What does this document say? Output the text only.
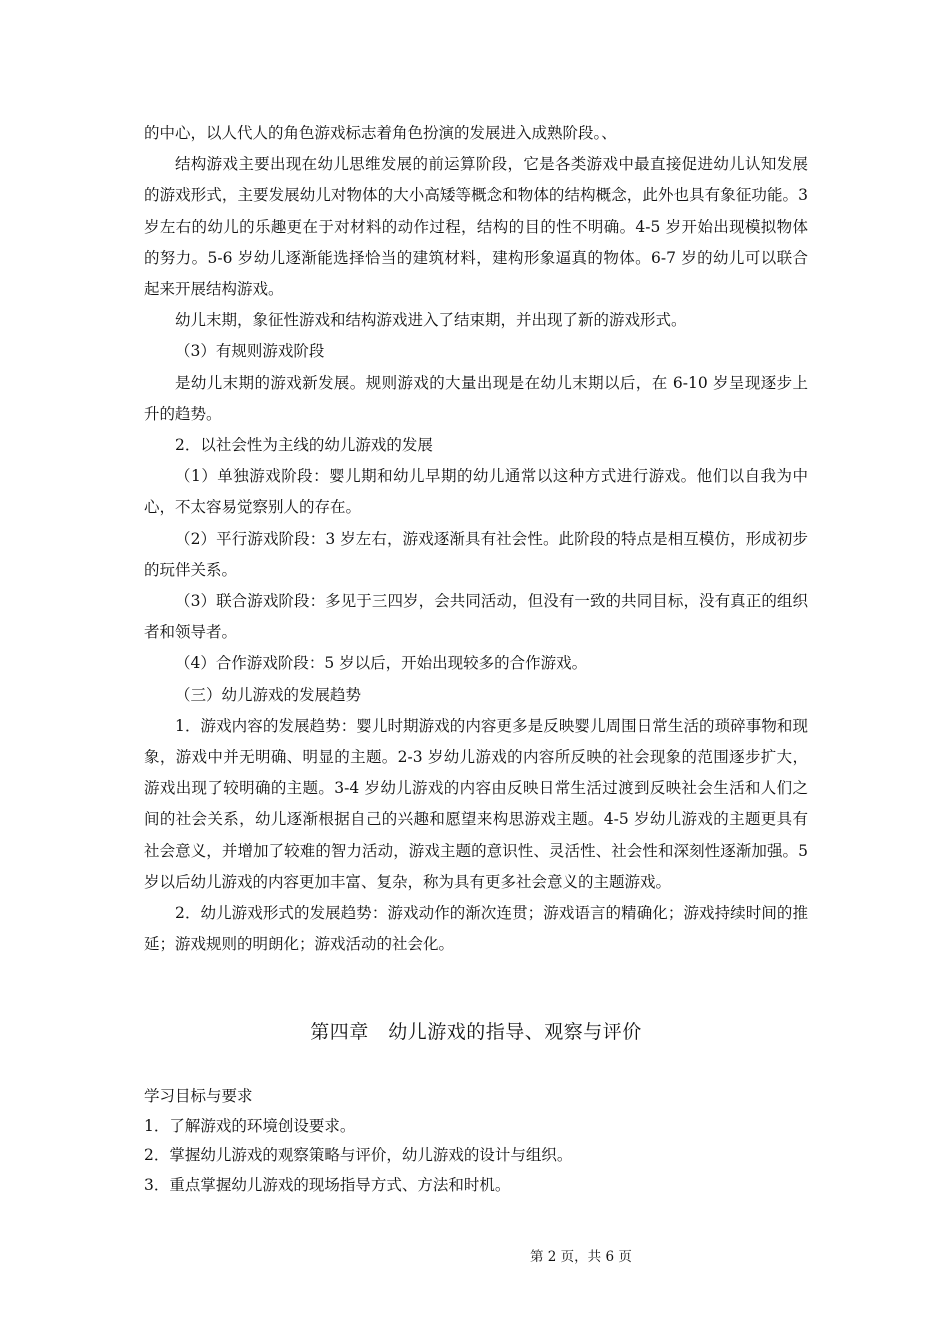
的中心，以人代人的角色游戏标志着角色扮演的发展进入成熟阶段。、

结构游戏主要出现在幼儿思维发展的前运算阶段，它是各类游戏中最直接促进幼儿认知发展的游戏形式，主要发展幼儿对物体的大小高矮等概念和物体的结构概念，此外也具有象征功能。3 岁左右的幼儿的乐趣更在于对材料的动作过程，结构的目的性不明确。4-5 岁开始出现模拟物体的努力。5-6 岁幼儿逐渐能选择恰当的建筑材料，建构形象逼真的物体。6-7 岁的幼儿可以联合起来开展结构游戏。

幼儿末期，象征性游戏和结构游戏进入了结束期，并出现了新的游戏形式。

（3）有规则游戏阶段

是幼儿末期的游戏新发展。规则游戏的大量出现是在幼儿末期以后，在 6-10 岁呈现逐步上升的趋势。

2．以社会性为主线的幼儿游戏的发展

（1）单独游戏阶段：婴儿期和幼儿早期的幼儿通常以这种方式进行游戏。他们以自我为中心，不太容易觉察别人的存在。

（2）平行游戏阶段：3 岁左右，游戏逐渐具有社会性。此阶段的特点是相互模仿，形成初步的玩伴关系。

（3）联合游戏阶段：多见于三四岁，会共同活动，但没有一致的共同目标，没有真正的组织者和领导者。

（4）合作游戏阶段：5 岁以后，开始出现较多的合作游戏。

（三）幼儿游戏的发展趋势

1．游戏内容的发展趋势：婴儿时期游戏的内容更多是反映婴儿周围日常生活的琐碎事物和现象，游戏中并无明确、明显的主题。2-3 岁幼儿游戏的内容所反映的社会现象的范围逐步扩大，游戏出现了较明确的主题。3-4 岁幼儿游戏的内容由反映日常生活过渡到反映社会生活和人们之间的社会关系，幼儿逐渐根据自己的兴趣和愿望来构思游戏主题。4-5 岁幼儿游戏的主题更具有社会意义，并增加了较难的智力活动，游戏主题的意识性、灵活性、社会性和深刻性逐渐加强。5 岁以后幼儿游戏的内容更加丰富、复杂，称为具有更多社会意义的主题游戏。

2．幼儿游戏形式的发展趋势：游戏动作的渐次连贯；游戏语言的精确化；游戏持续时间的推延；游戏规则的明朗化；游戏活动的社会化。

第四章　幼儿游戏的指导、观察与评价

学习目标与要求

1．了解游戏的环境创设要求。

2．掌握幼儿游戏的观察策略与评价，幼儿游戏的设计与组织。

3．重点掌握幼儿游戏的现场指导方式、方法和时机。

第 2 页，共 6 页
